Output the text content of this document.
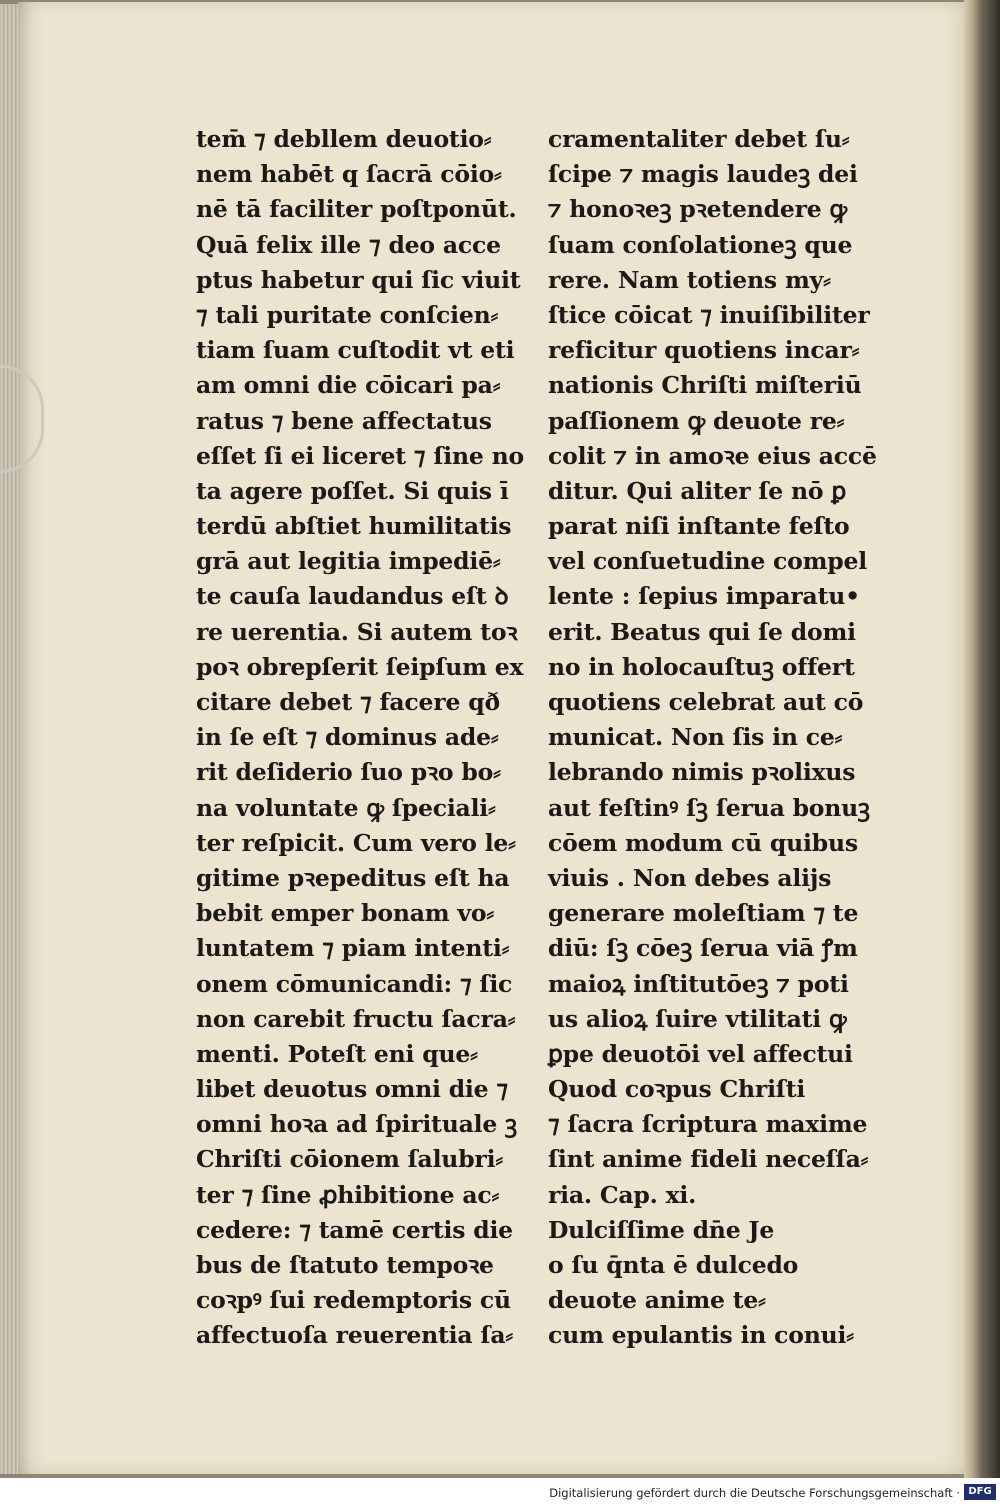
tem̄ ⁊ debllem deuotio⸗
nem habēt q ſacrā cōio⸗
nē tā faciliter poſtponūt.
Quā felix ille ⁊ deo acce
ptus habetur qui ſic viuit
⁊ tali puritate conſcien⸗
tiam ſuam cuſtodit vt eti
am omni die cōicari pa⸗
ratus ⁊ bene affectatus
eſſet ſi ei liceret ⁊ ſine no
ta agere poſſet. Si quis ī
terdū abſtiet humilitatis
grā aut legitia impediē⸗
te cauſa laudandus eſt ꝺ
re uerentia. Si autem toꝛ
poꝛ obrepſerit ſeipſum ex
citare debet ⁊ facere qð
in ſe eſt ⁊ dominus ade⸗
rit deſiderio ſuo pꝛo bo⸗
na voluntate ꝙ ſpeciali⸗
ter reſpicit. Cum vero le⸗
gitime pꝛepeditus eſt ha
bebit emper bonam vo⸗
luntatem ⁊ piam intenti⸗
onem cōmunicandi: ⁊ ſic
non carebit fructu ſacra⸗
menti. Poteſt eni que⸗
libet deuotus omni die ⁊
omni hoꝛa ad ſpirituale ꝫ
Chriſti cōionem ſalubri⸗
ter ⁊ ſine ꝓhibitione ac⸗
cedere: ⁊ tamē certis die
bus de ſtatuto tempoꝛe
coꝛpꝰ ſui redemptoris cū
affectuoſa reuerentia ſa⸗
cramentaliter debet ſu⸗
ſcipe ⁊ magis laudeꝫ dei
⁊ honoꝛeꝫ pꝛetendere ꝙ
ſuam conſolationeꝫ que
rere. Nam totiens my⸗
ſtice cōicat ⁊ inuiſibiliter
reficitur quotiens incar⸗
nationis Chriſti miſteriū
paſſionem ꝙ deuote re⸗
colit ⁊ in amoꝛe eius accē
ditur. Qui aliter ſe nō ꝑ
parat niſi inſtante feſto
vel conſuetudine compel
lente : ſepius imparatu•
erit. Beatus qui ſe domi
no in holocauſtuꝫ offert
quotiens celebrat aut cō
municat. Non ſis in ce⸗
lebrando nimis pꝛolixus
aut feſtinꝰ ſꝫ ſerua bonuꝫ
cōem modum cū quibus
viuis . Non debes alijs
generare moleſtiam ⁊ te
diū: ſꝫ cōeꝫ ſerua viā ꝭm
maioꝝ inſtitutōeꝫ ⁊ poti
us alioꝝ ſuire vtilitati ꝙ
ꝑpe deuotōi vel affectui
Quod coꝛpus Chriſti
⁊ ſacra ſcriptura maxime
ſint anime fideli neceſſa⸗
ria. Cap. xi.
Dulciſſime dn̄e Je
o ſu q̄nta ē dulcedo
deuote anime te⸗
cum epulantis in conui⸗
Digitalisierung gefördert durch die Deutsche Forschungsgemeinschaft · DFG
